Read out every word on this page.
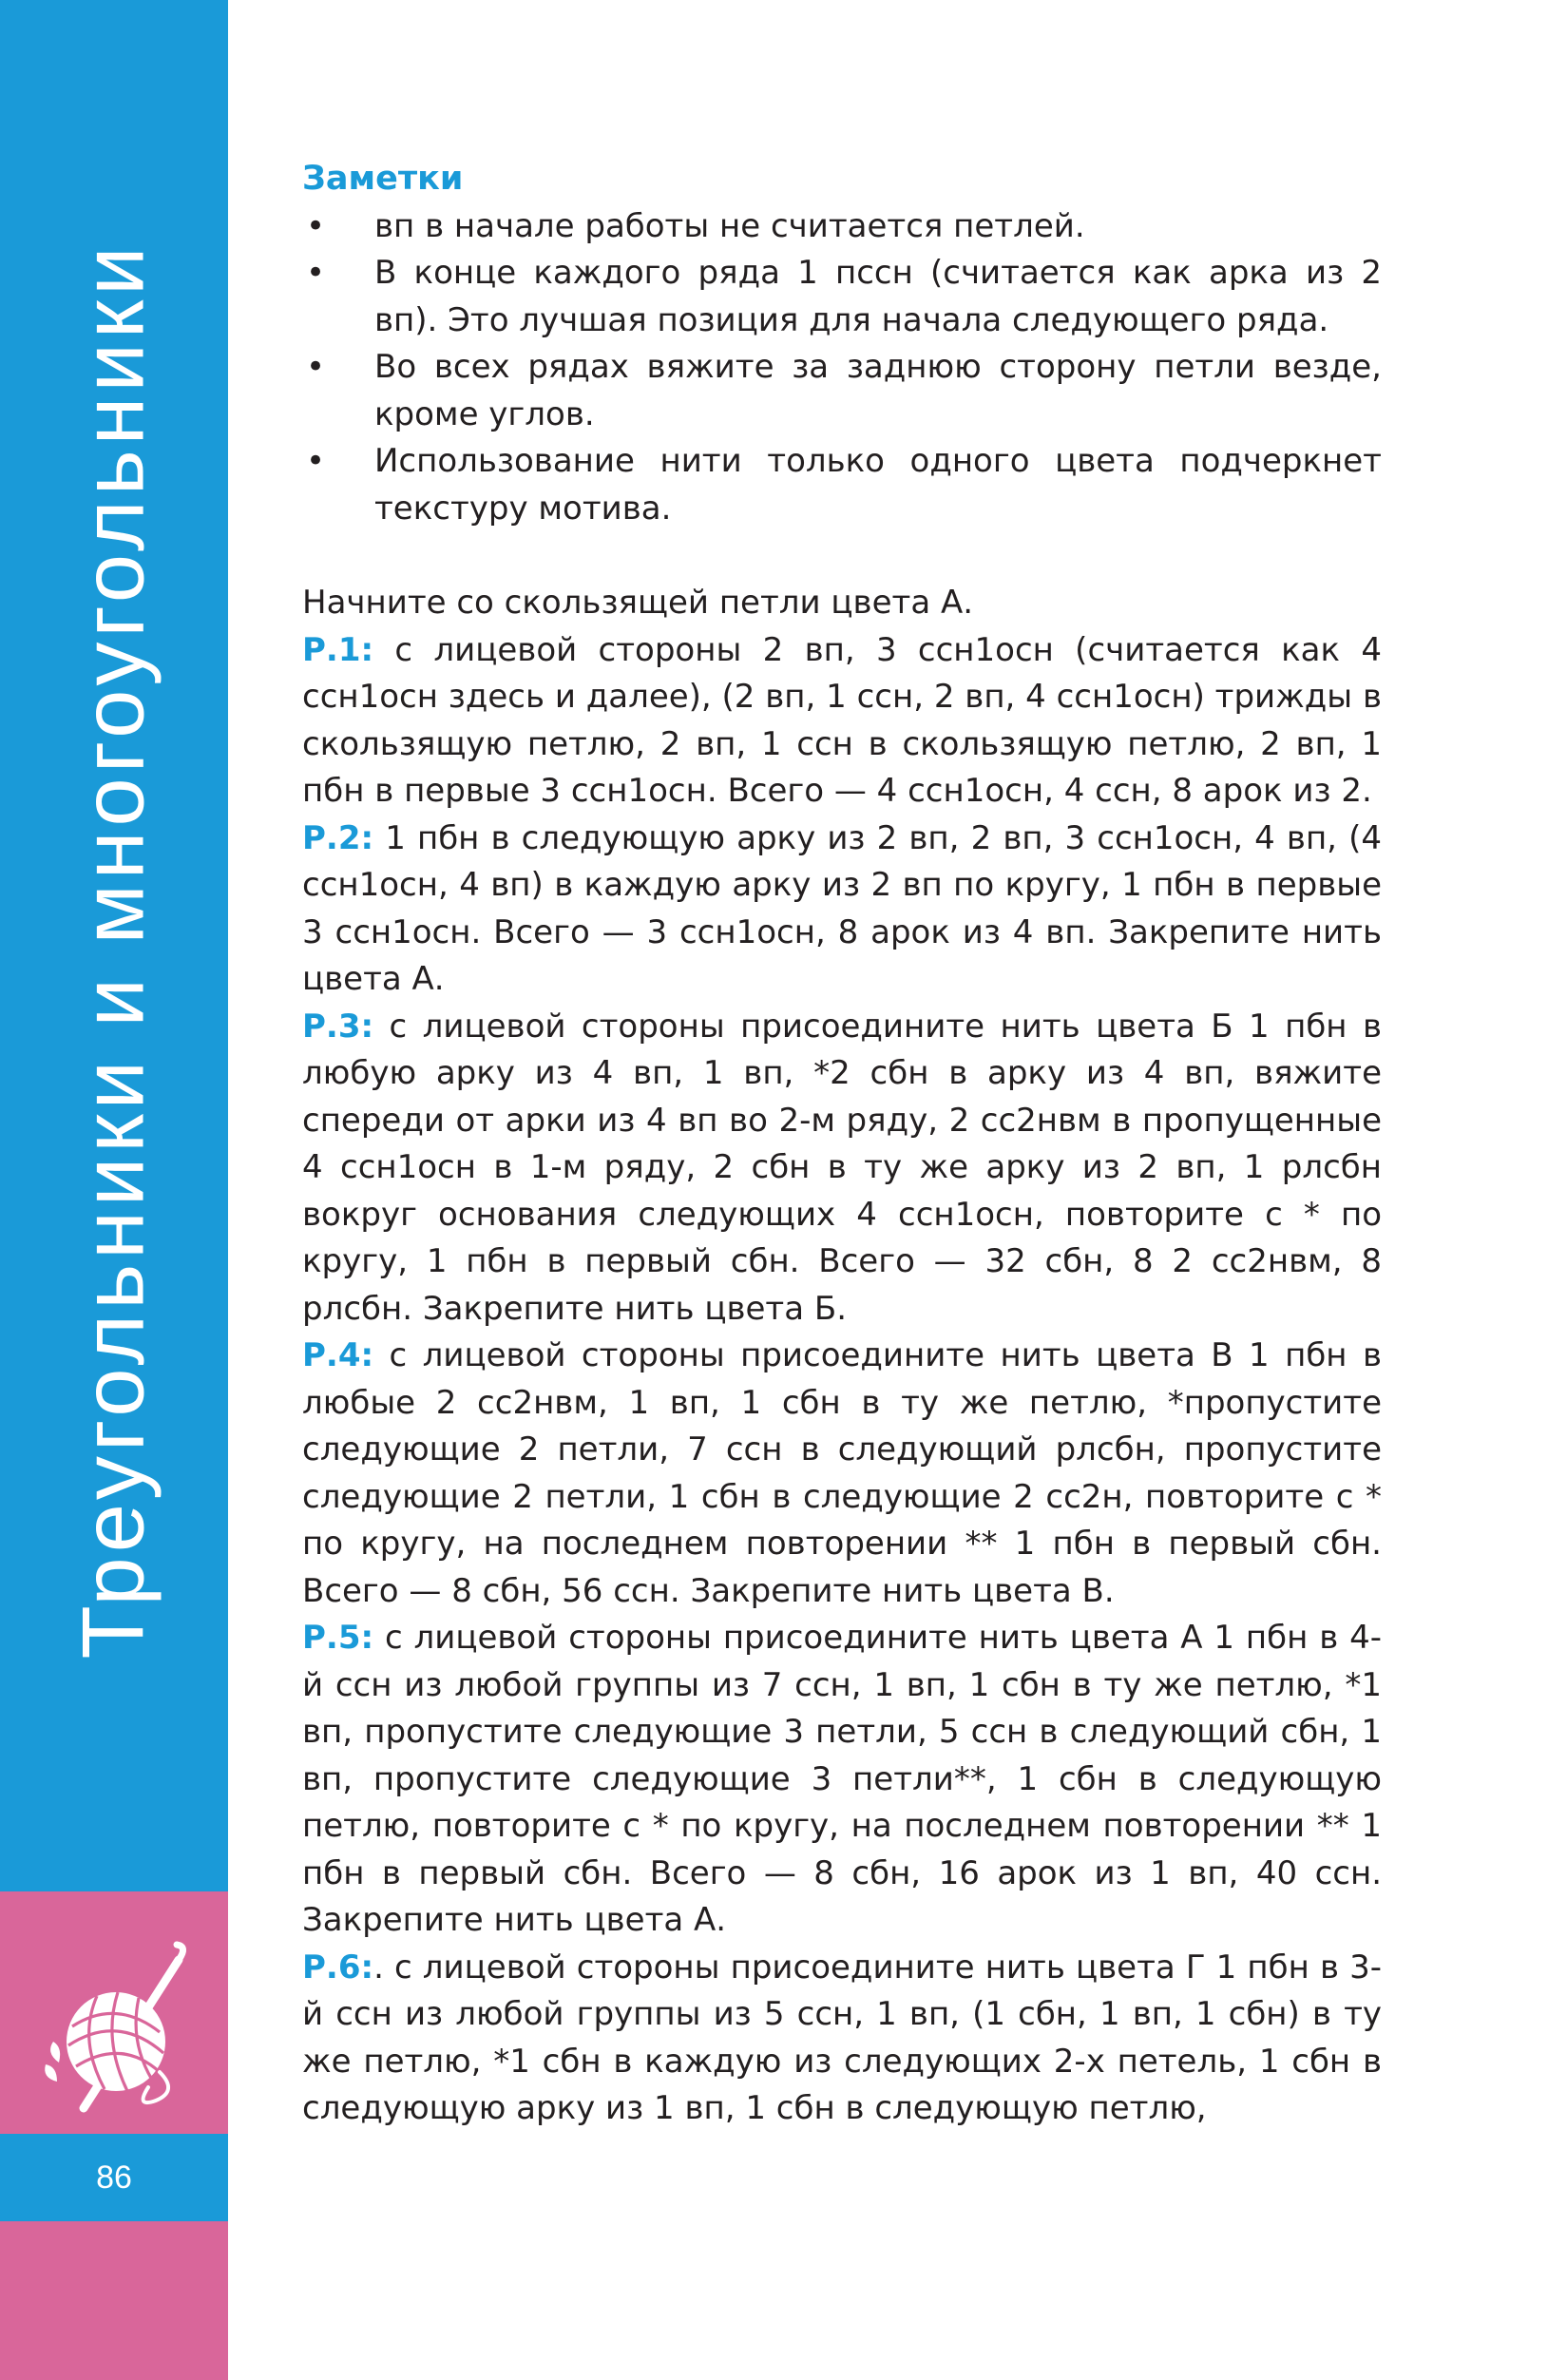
86
Треугольники и многоугольники
Заметки
• вп в начале работы не считается петлей.
• В конце каждого ряда 1 пссн (считается как арка из 2 вп). Это лучшая позиция для начала следующего ряда.
• Во всех рядах вяжите за заднюю сторону петли везде, кроме углов.
• Использование нити только одного цвета подчеркнет текстуру мотива.

Начните со скользящей петли цвета А.

Р.1: с лицевой стороны 2 вп, 3 ссн1осн (считается как 4 ссн1осн здесь и далее), (2 вп, 1 ссн, 2 вп, 4 ссн1осн) трижды в скользящую петлю, 2 вп, 1 ссн в скользящую петлю, 2 вп, 1 пбн в первые 3 ссн1осн. Всего — 4 ссн1осн, 4 ссн, 8 арок из 2.

Р.2: 1 пбн в следующую арку из 2 вп, 2 вп, 3 ссн1осн, 4 вп, (4 ссн1осн, 4 вп) в каждую арку из 2 вп по кругу, 1 пбн в первые 3 ссн1осн. Всего — 3 ссн1осн, 8 арок из 4 вп. Закрепите нить цвета А.

Р.3: с лицевой стороны присоедините нить цвета Б 1 пбн в любую арку из 4 вп, 1 вп, *2 сбн в арку из 4 вп, вяжите спереди от арки из 4 вп во 2-м ряду, 2 сс2нвм в пропущенные 4 ссн1осн в 1-м ряду, 2 сбн в ту же арку из 2 вп, 1 рлсбн вокруг основания следующих 4 ссн1осн, повторите с * по кругу, 1 пбн в первый сбн. Всего — 32 сбн, 8 2 сс2нвм, 8 рлсбн. Закрепите нить цвета Б.

Р.4: с лицевой стороны присоедините нить цвета В 1 пбн в любые 2 сс2нвм, 1 вп, 1 сбн в ту же петлю, *пропустите следующие 2 петли, 7 ссн в следующий рлсбн, пропустите следующие 2 петли, 1 сбн в следующие 2 сс2н, повторите с * по кругу, на последнем повторении ** 1 пбн в первый сбн. Всего — 8 сбн, 56 ссн. Закрепите нить цвета В.

Р.5: с лицевой стороны присоедините нить цвета А 1 пбн в 4-й ссн из любой группы из 7 ссн, 1 вп, 1 сбн в ту же петлю, *1 вп, пропустите следующие 3 петли, 5 ссн в следующий сбн, 1 вп, пропустите следующие 3 петли**, 1 сбн в следующую петлю, повторите с * по кругу, на последнем повторении ** 1 пбн в первый сбн. Всего — 8 сбн, 16 арок из 1 вп, 40 ссн. Закрепите нить цвета А.

Р.6:. с лицевой стороны присоедините нить цвета Г 1 пбн в 3-й ссн из любой группы из 5 ссн, 1 вп, (1 сбн, 1 вп, 1 сбн) в ту же петлю, *1 сбн в каждую из следующих 2-х петель, 1 сбн в следующую арку из 1 вп, 1 сбн в следующую петлю,
